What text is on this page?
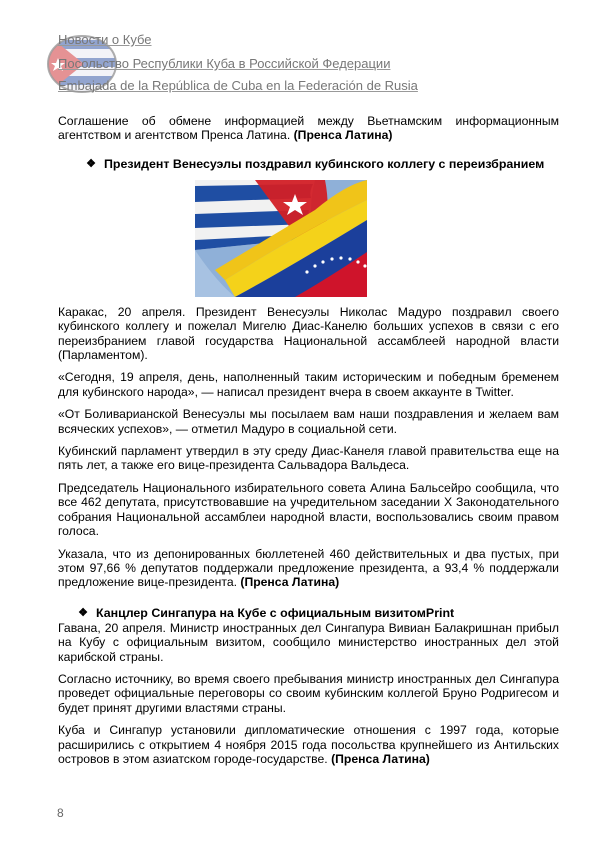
Новости о Кубе
Посольство Республики Куба в Российской Федерации
Embajada de la República de Cuba en la Federación de Rusia

Соглашение об обмене информацией между Вьетнамским информационным агентством и агентством Пренса Латина. (Пренса Латина)

❖ Президент Венесуэлы поздравил кубинского коллегу с переизбранием

Каракас, 20 апреля. Президент Венесуэлы Николас Мадуро поздравил своего кубинского коллегу и пожелал Мигелю Диас-Канелю больших успехов в связи с его переизбранием главой государства Национальной ассамблеей народной власти (Парламентом).

«Сегодня, 19 апреля, день, наполненный таким историческим и победным бременем для кубинского народа», — написал президент вчера в своем аккаунте в Twitter.

«От Боливарианской Венесуэлы мы посылаем вам наши поздравления и желаем вам всяческих успехов», — отметил Мадуро в социальной сети.

Кубинский парламент утвердил в эту среду Диас-Канеля главой правительства еще на пять лет, а также его вице-президента Сальвадора Вальдеса.

Председатель Национального избирательного совета Алина Бальсейро сообщила, что все 462 депутата, присутствовавшие на учредительном заседании X Законодательного собрания Национальной ассамблеи народной власти, воспользовались своим правом голоса.

Указала, что из депонированных бюллетеней 460 действительных и два пустых, при этом 97,66 % депутатов поддержали предложение президента, а 93,4 % поддержали предложение вице-президента. (Пренса Латина)

❖ Канцлер Сингапура на Кубе с официальным визитомPrint

Гавана, 20 апреля. Министр иностранных дел Сингапура Вивиан Балакришнан прибыл на Кубу с официальным визитом, сообщило министерство иностранных дел этой карибской страны.

Согласно источнику, во время своего пребывания министр иностранных дел Сингапура проведет официальные переговоры со своим кубинским коллегой Бруно Родригесом и будет принят другими властями страны.

Куба и Сингапур установили дипломатические отношения с 1997 года, которые расширились с открытием 4 ноября 2015 года посольства крупнейшего из Антильских островов в этом азиатском городе-государстве. (Пренса Латина)

8
